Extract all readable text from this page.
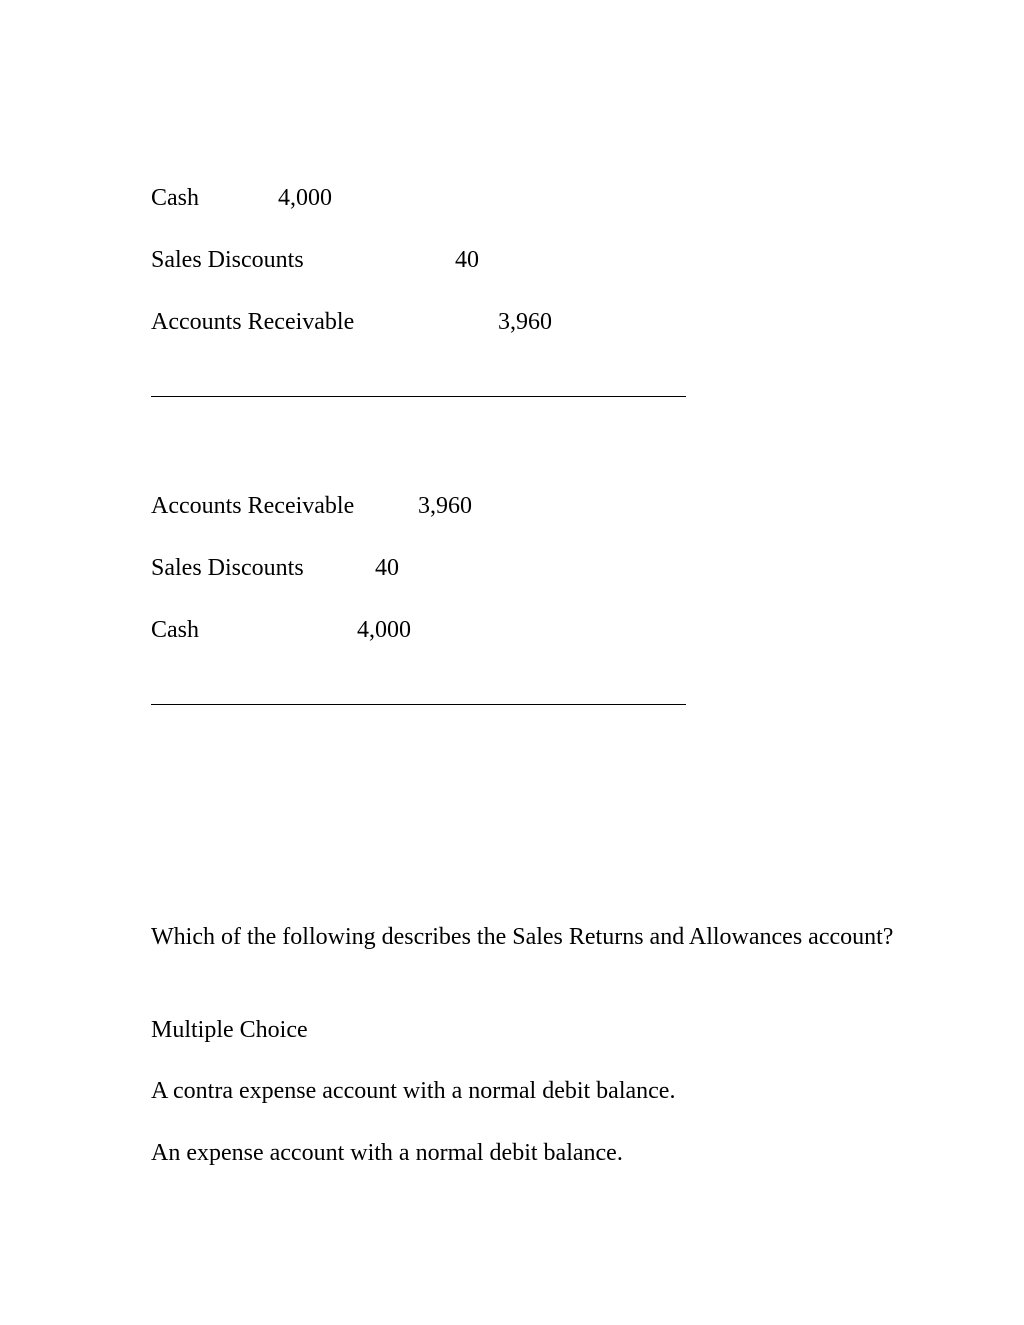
Cash	4,000
Sales Discounts	40
Accounts Receivable	3,960
Accounts Receivable	3,960
Sales Discounts	40
Cash	4,000
Which of the following describes the Sales Returns and Allowances account?
Multiple Choice
A contra expense account with a normal debit balance.
An expense account with a normal debit balance.
